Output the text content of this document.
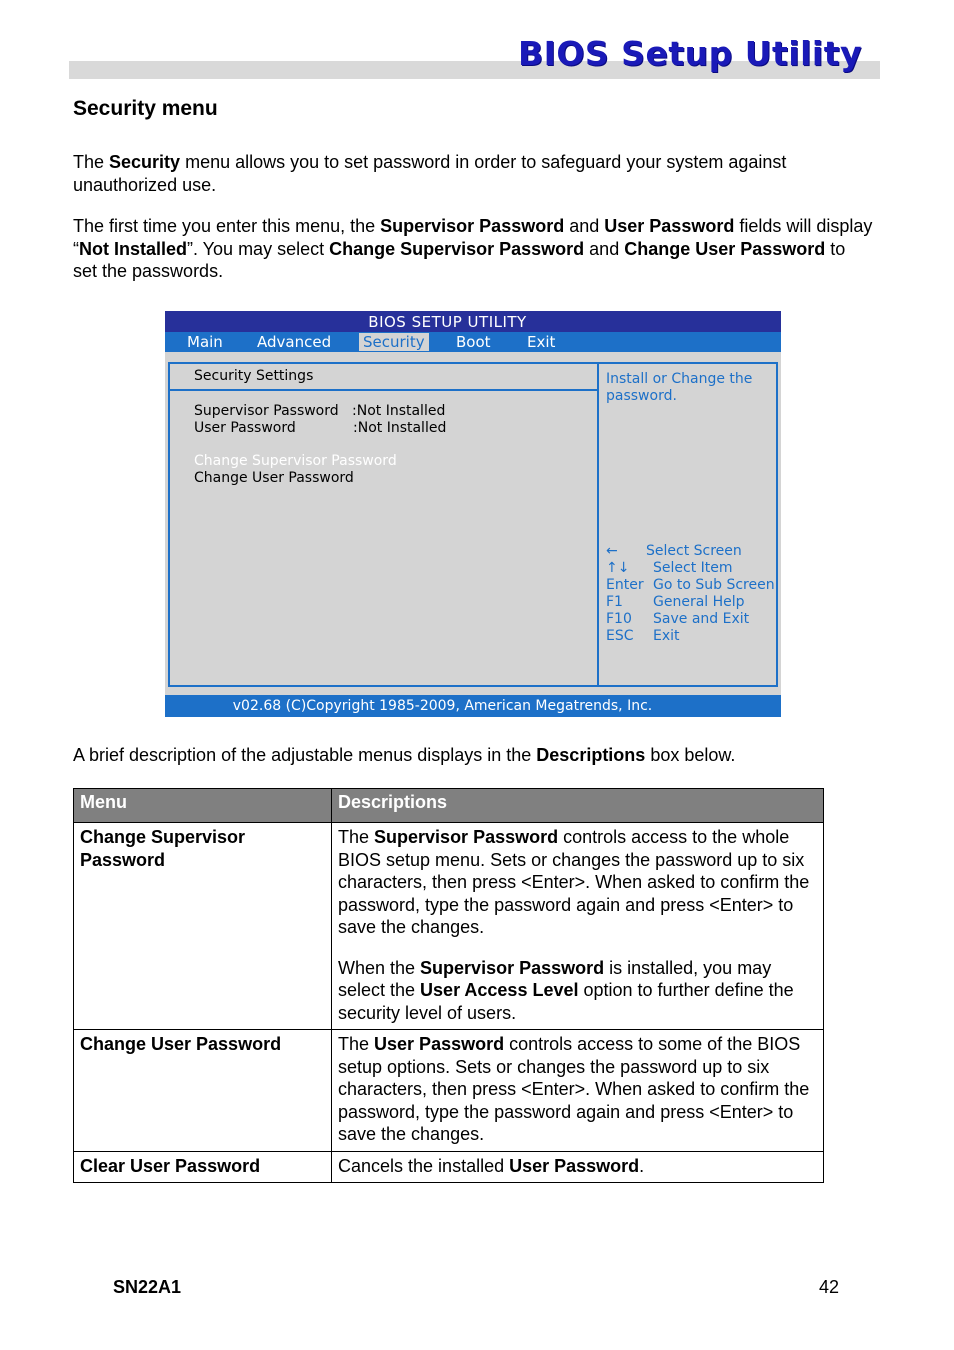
BIOS Setup Utility
Security menu
The Security menu allows you to set password in order to safeguard your system against unauthorized use.
The first time you enter this menu, the Supervisor Password and User Password fields will display “Not Installed”. You may select Change Supervisor Password and Change User Password to set the passwords.
BIOS SETUP UTILITY
Main Advanced Security Boot Exit
Security Settings
Supervisor Password :Not Installed
User Password	:Not Installed
Change Supervisor Password
Change User Password
Install or Change the password.
← Select Screen
↑↓ Select Item
Enter Go to Sub Screen
F1 General Help
F10 Save and Exit
ESC Exit
v02.68 (C)Copyright 1985-2009, American Megatrends, Inc.
A brief description of the adjustable menus displays in the Descriptions box below.
Menu	Descriptions
Change Supervisor Password	The Supervisor Password controls access to the whole BIOS setup menu. Sets or changes the password up to six characters, then press <Enter>. When asked to confirm the password, type the password again and press <Enter> to save the changes.
When the Supervisor Password is installed, you may select the User Access Level option to further define the security level of users.

Change User Password	The User Password controls access to some of the BIOS setup options. Sets or changes the password up to six characters, then press <Enter>. When asked to confirm the password, type the password again and press <Enter> to save the changes.

Clear User Password	Cancels the installed User Password.
SN22A1	42
